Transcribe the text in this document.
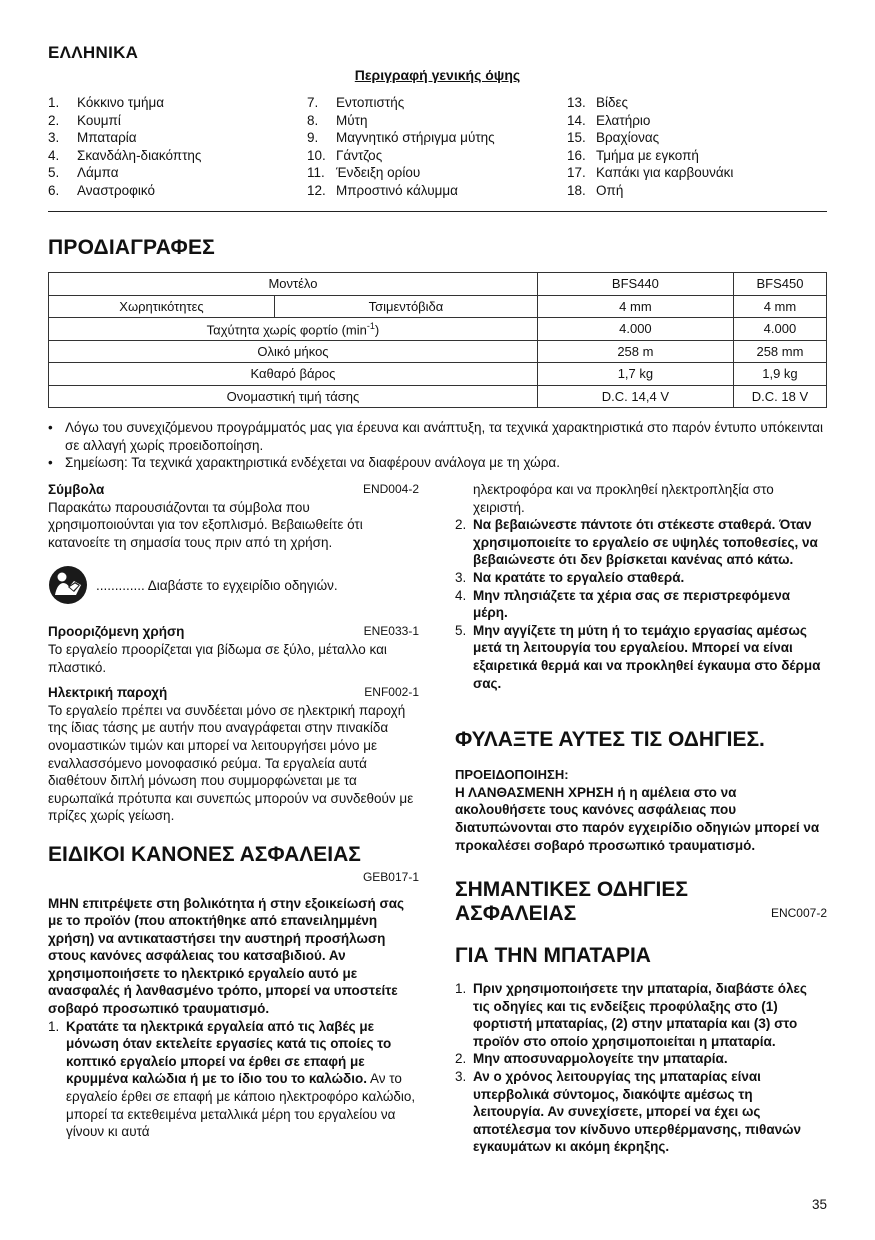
ΕΛΛΗΝΙΚΑ
Περιγραφή γενικής όψης
1. Κόκκινο τμήμα
2. Κουμπί
3. Μπαταρία
4. Σκανδάλη-διακόπτης
5. Λάμπα
6. Αναστροφικό
7. Εντοπιστής
8. Μύτη
9. Μαγνητικό στήριγμα μύτης
10. Γάντζος
11. Ένδειξη ορίου
12. Μπροστινό κάλυμμα
13. Βίδες
14. Ελατήριο
15. Βραχίονας
16. Τμήμα με εγκοπή
17. Καπάκι για καρβουνάκι
18. Οπή
ΠΡΟΔΙΑΓΡΑΦΕΣ
Μοντέλο		BFS440	BFS450
Χωρητικότητες	Τσιμεντόβιδα	4 mm	4 mm
Ταχύτητα χωρίς φορτίο $(\min^{-1})$		4.000	4.000
Ολικό μήκος		258 m	258 mm
Καθαρό βάρος		1,7 kg	1,9 kg
Ονομαστική τιμή τάσης		D.C. 14,4 V	D.C. 18 V
• Λόγω του συνεχιζόμενου προγράμματός μας για έρευνα και ανάπτυξη, τα τεχνικά χαρακτηριστικά στο παρόν έντυπο υπόκεινται σε αλλαγή χωρίς προειδοποίηση.
• Σημείωση: Τα τεχνικά χαρακτηριστικά ενδέχεται να διαφέρουν ανάλογα με τη χώρα.
Σύμβολα	END004-2

Παρακάτω παρουσιάζονται τα σύμβολα που χρησιμοποιούνται για τον εξοπλισμό. Βεβαιωθείτε ότι κατανοείτε τη σημασία τους πριν από τη χρήση.

............. Διαβάστε το εγχειρίδιο οδηγιών.
Προοριζόμενη χρήση	ENE033-1

Το εργαλείο προορίζεται για βίδωμα σε ξύλο, μέταλλο και πλαστικό.

Ηλεκτρική παροχή	ENF002-1

Το εργαλείο πρέπει να συνδέεται μόνο σε ηλεκτρική παροχή της ίδιας τάσης με αυτήν που αναγράφεται στην πινακίδα ονομαστικών τιμών και μπορεί να λειτουργήσει μόνο με εναλλασσόμενο μονοφασικό ρεύμα. Τα εργαλεία αυτά διαθέτουν διπλή μόνωση που συμμορφώνεται με τα ευρωπαϊκά πρότυπα και συνεπώς μπορούν να συνδεθούν με πρίζες χωρίς γείωση.

ΕΙΔΙΚΟΙ ΚΑΝΟΝΕΣ ΑΣΦΑΛΕΙΑΣ
GEB017-1

ΜΗΝ επιτρέψετε στη βολικότητα ή στην εξοικείωσή σας με το προϊόν (που αποκτήθηκε από επανειλημμένη χρήση) να αντικαταστήσει την αυστηρή προσήλωση στους κανόνες ασφάλειας του κατσαβιδιού. Αν χρησιμοποιήσετε το ηλεκτρικό εργαλείο αυτό με ανασφαλές ή λανθασμένο τρόπο, μπορεί να υποστείτε σοβαρό προσωπικό τραυματισμό.

1. Κρατάτε τα ηλεκτρικά εργαλεία από τις λαβές με μόνωση όταν εκτελείτε εργασίες κατά τις οποίες το κοπτικό εργαλείο μπορεί να έρθει σε επαφή με κρυμμένα καλώδια ή με το ίδιο του το καλώδιο. Αν το εργαλείο έρθει σε επαφή με κάποιο ηλεκτροφόρο καλώδιο, μπορεί τα εκτεθειμένα μεταλλικά μέρη του εργαλείου να γίνουν κι αυτά
ηλεκτροφόρα και να προκληθεί ηλεκτροπληξία στο χειριστή.
2. Να βεβαιώνεστε πάντοτε ότι στέκεστε σταθερά. Όταν χρησιμοποιείτε το εργαλείο σε υψηλές τοποθεσίες, να βεβαιώνεστε ότι δεν βρίσκεται κανένας από κάτω.
3. Να κρατάτε το εργαλείο σταθερά.
4. Μην πλησιάζετε τα χέρια σας σε περιστρεφόμενα μέρη.
5. Μην αγγίζετε τη μύτη ή το τεμάχιο εργασίας αμέσως μετά τη λειτουργία του εργαλείου. Μπορεί να είναι εξαιρετικά θερμά και να προκληθεί έγκαυμα στο δέρμα σας.
ΦΥΛΑΞΤΕ ΑΥΤΕΣ ΤΙΣ ΟΔΗΓΙΕΣ.
ΠΡΟΕΙΔΟΠΟΙΗΣΗ:

Η ΛΑΝΘΑΣΜΕΝΗ ΧΡΗΣΗ ή η αμέλεια στο να ακολουθήσετε τους κανόνες ασφάλειας που διατυπώνονται στο παρόν εγχειρίδιο οδηγιών μπορεί να προκαλέσει σοβαρό προσωπικό τραυματισμό.

ΣΗΜΑΝΤΙΚΕΣ ΟΔΗΓΙΕΣ
ΑΣΦΑΛΕΙΑΣ	ENC007-2
ΓΙΑ ΤΗΝ ΜΠΑΤΑΡΙΑ
1. Πριν χρησιμοποιήσετε την μπαταρία, διαβάστε όλες τις οδηγίες και τις ενδείξεις προφύλαξης στο (1) φορτιστή μπαταρίας, (2) στην μπαταρία και (3) στο προϊόν στο οποίο χρησιμοποιείται η μπαταρία.
2. Μην αποσυναρμολογείτε την μπαταρία.
3. Αν ο χρόνος λειτουργίας της μπαταρίας είναι υπερβολικά σύντομος, διακόψτε αμέσως τη λειτουργία. Αν συνεχίσετε, μπορεί να έχει ως αποτέλεσμα τον κίνδυνο υπερθέρμανσης, πιθανών εγκαυμάτων κι ακόμη έκρηξης.
35
